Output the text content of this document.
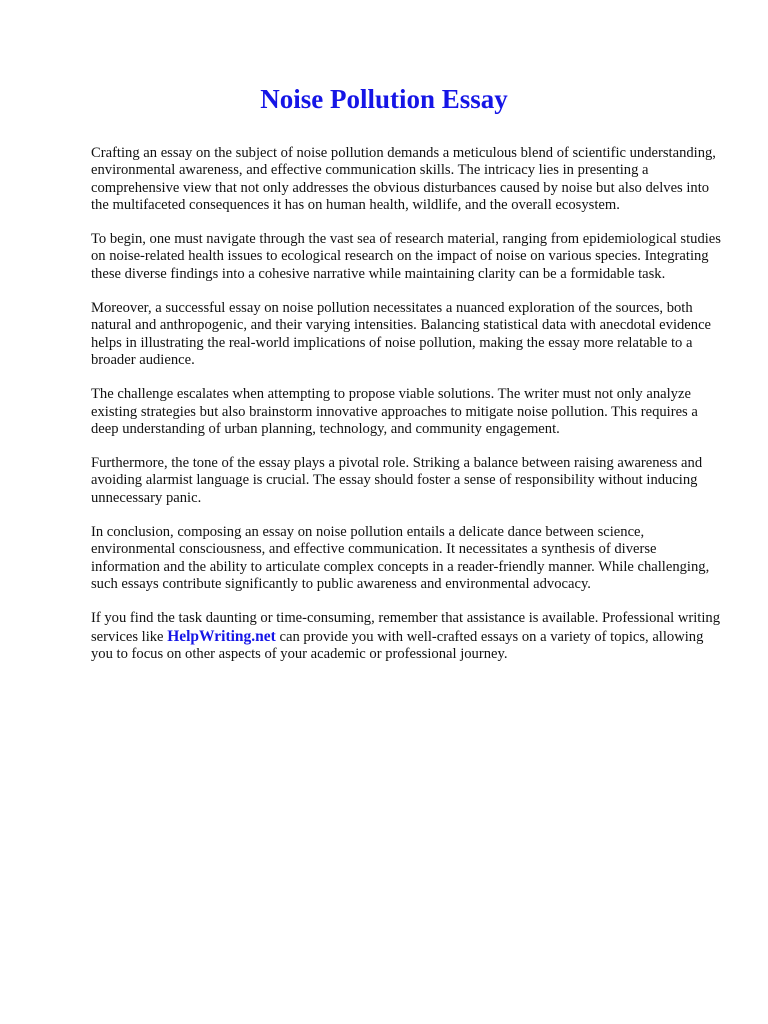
Noise Pollution Essay

Crafting an essay on the subject of noise pollution demands a meticulous blend of scientific understanding, environmental awareness, and effective communication skills. The intricacy lies in presenting a comprehensive view that not only addresses the obvious disturbances caused by noise but also delves into the multifaceted consequences it has on human health, wildlife, and the overall ecosystem.

To begin, one must navigate through the vast sea of research material, ranging from epidemiological studies on noise-related health issues to ecological research on the impact of noise on various species. Integrating these diverse findings into a cohesive narrative while maintaining clarity can be a formidable task.

Moreover, a successful essay on noise pollution necessitates a nuanced exploration of the sources, both natural and anthropogenic, and their varying intensities. Balancing statistical data with anecdotal evidence helps in illustrating the real-world implications of noise pollution, making the essay more relatable to a broader audience.

The challenge escalates when attempting to propose viable solutions. The writer must not only analyze existing strategies but also brainstorm innovative approaches to mitigate noise pollution. This requires a deep understanding of urban planning, technology, and community engagement.

Furthermore, the tone of the essay plays a pivotal role. Striking a balance between raising awareness and avoiding alarmist language is crucial. The essay should foster a sense of responsibility without inducing unnecessary panic.

In conclusion, composing an essay on noise pollution entails a delicate dance between science, environmental consciousness, and effective communication. It necessitates a synthesis of diverse information and the ability to articulate complex concepts in a reader-friendly manner. While challenging, such essays contribute significantly to public awareness and environmental advocacy.

If you find the task daunting or time-consuming, remember that assistance is available. Professional writing services like HelpWriting.net can provide you with well-crafted essays on a variety of topics, allowing you to focus on other aspects of your academic or professional journey.
